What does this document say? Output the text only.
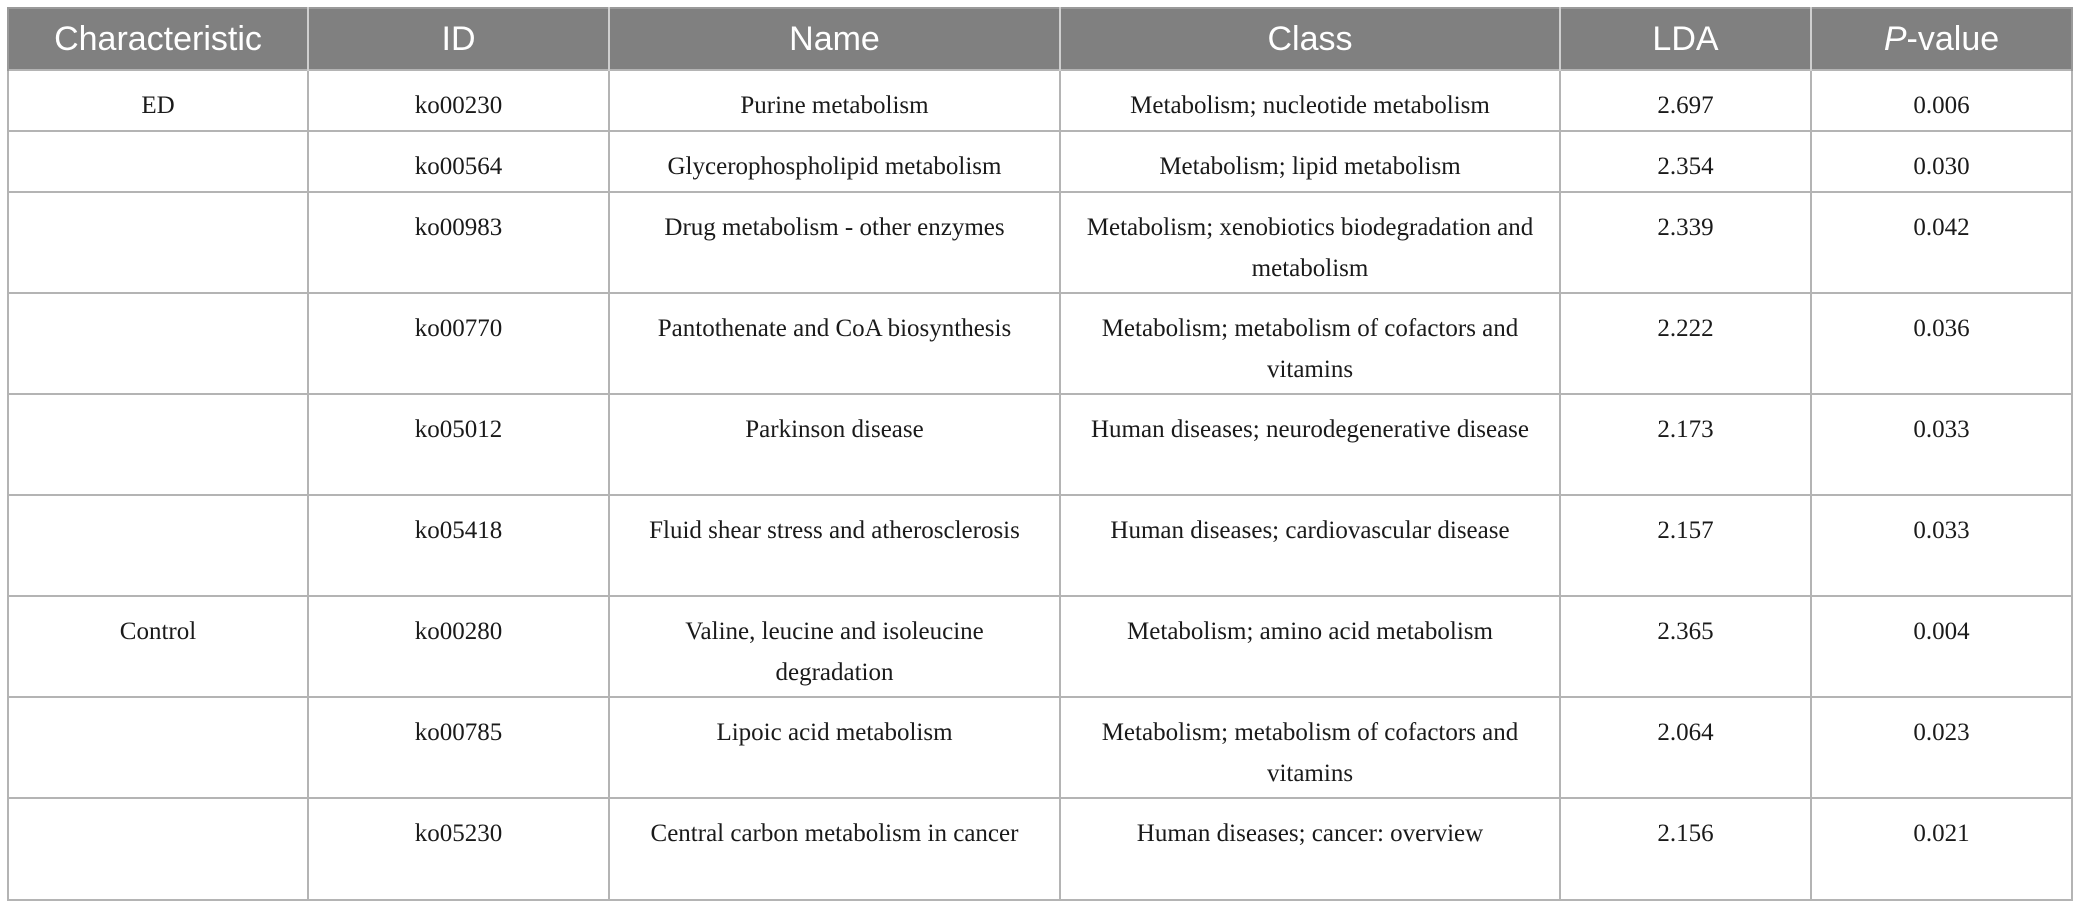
Characteristic	ID	Name	Class	LDA	P-value
ED	ko00230	Purine metabolism	Metabolism; nucleotide metabolism	2.697	0.006
	ko00564	Glycerophospholipid metabolism	Metabolism; lipid metabolism	2.354	0.030
	ko00983	Drug metabolism - other enzymes	Metabolism; xenobiotics biodegradation and metabolism	2.339	0.042
	ko00770	Pantothenate and CoA biosynthesis	Metabolism; metabolism of cofactors and vitamins	2.222	0.036
	ko05012	Parkinson disease	Human diseases; neurodegenerative disease	2.173	0.033
	ko05418	Fluid shear stress and atherosclerosis	Human diseases; cardiovascular disease	2.157	0.033
Control	ko00280	Valine, leucine and isoleucine degradation	Metabolism; amino acid metabolism	2.365	0.004
	ko00785	Lipoic acid metabolism	Metabolism; metabolism of cofactors and vitamins	2.064	0.023
	ko05230	Central carbon metabolism in cancer	Human diseases; cancer: overview	2.156	0.021
